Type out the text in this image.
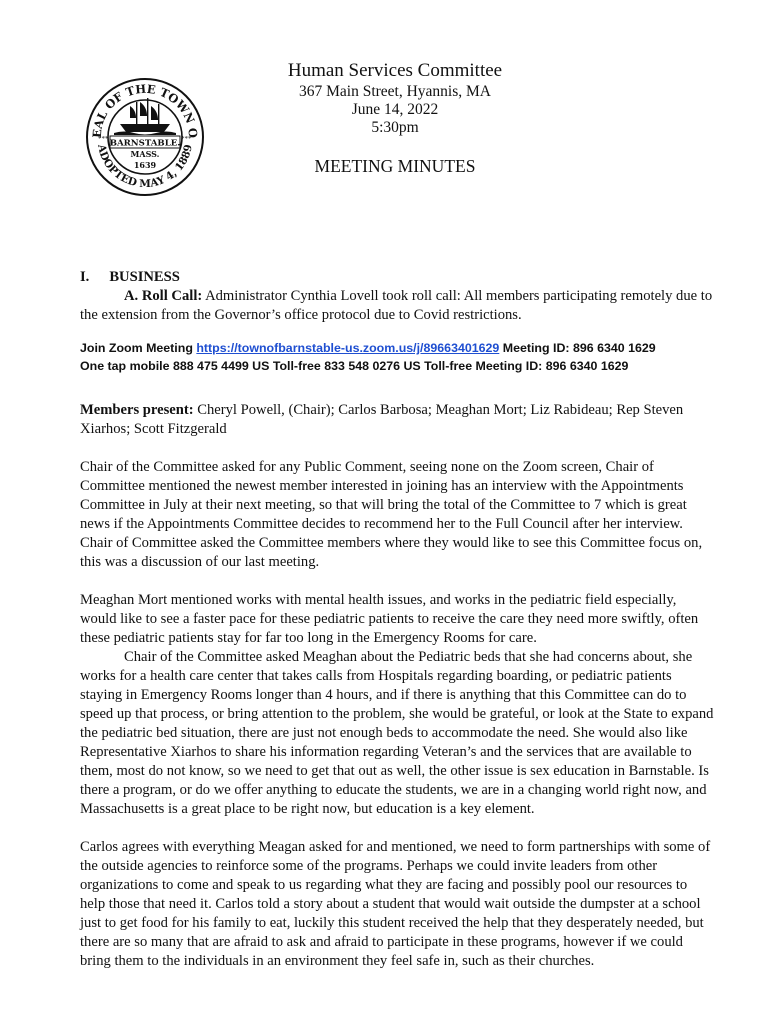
EAL OF THE TOWN O
ADOPTED MAY 4, 1889
BARNSTABLE.
MASS.
1639
***	***
Human Services Committee
367 Main Street, Hyannis, MA
June 14, 2022
5:30pm
MEETING MINUTES
I. BUSINESS

A. Roll Call: Administrator Cynthia Lovell took roll call: All members participating remotely due to the extension from the Governor’s office protocol due to Covid restrictions.

Join Zoom Meeting https://townofbarnstable-us.zoom.us/j/89663401629 Meeting ID: 896 6340 1629
One tap mobile 888 475 4499 US Toll-free 833 548 0276 US Toll-free Meeting ID: 896 6340 1629

Members present: Cheryl Powell, (Chair); Carlos Barbosa; Meaghan Mort; Liz Rabideau; Rep Steven Xiarhos; Scott Fitzgerald

Chair of the Committee asked for any Public Comment, seeing none on the Zoom screen, Chair of Committee mentioned the newest member interested in joining has an interview with the Appointments Committee in July at their next meeting, so that will bring the total of the Committee to 7 which is great news if the Appointments Committee decides to recommend her to the Full Council after her interview. Chair of Committee asked the Committee members where they would like to see this Committee focus on, this was a discussion of our last meeting.

Meaghan Mort mentioned works with mental health issues, and works in the pediatric field especially, would like to see a faster pace for these pediatric patients to receive the care they need more swiftly, often these pediatric patients stay for far too long in the Emergency Rooms for care.

Chair of the Committee asked Meaghan about the Pediatric beds that she had concerns about, she works for a health care center that takes calls from Hospitals regarding boarding, or pediatric patients staying in Emergency Rooms longer than 4 hours, and if there is anything that this Committee can do to speed up that process, or bring attention to the problem, she would be grateful, or look at the State to expand the pediatric bed situation, there are just not enough beds to accommodate the need. She would also like Representative Xiarhos to share his information regarding Veteran’s and the services that are available to them, most do not know, so we need to get that out as well, the other issue is sex education in Barnstable. Is there a program, or do we offer anything to educate the students, we are in a changing world right now, and Massachusetts is a great place to be right now, but education is a key element.

Carlos agrees with everything Meagan asked for and mentioned, we need to form partnerships with some of the outside agencies to reinforce some of the programs. Perhaps we could invite leaders from other organizations to come and speak to us regarding what they are facing and possibly pool our resources to help those that need it. Carlos told a story about a student that would wait outside the dumpster at a school just to get food for his family to eat, luckily this student received the help that they desperately needed, but there are so many that are afraid to ask and afraid to participate in these programs, however if we could bring them to the individuals in an environment they feel safe in, such as their churches.
